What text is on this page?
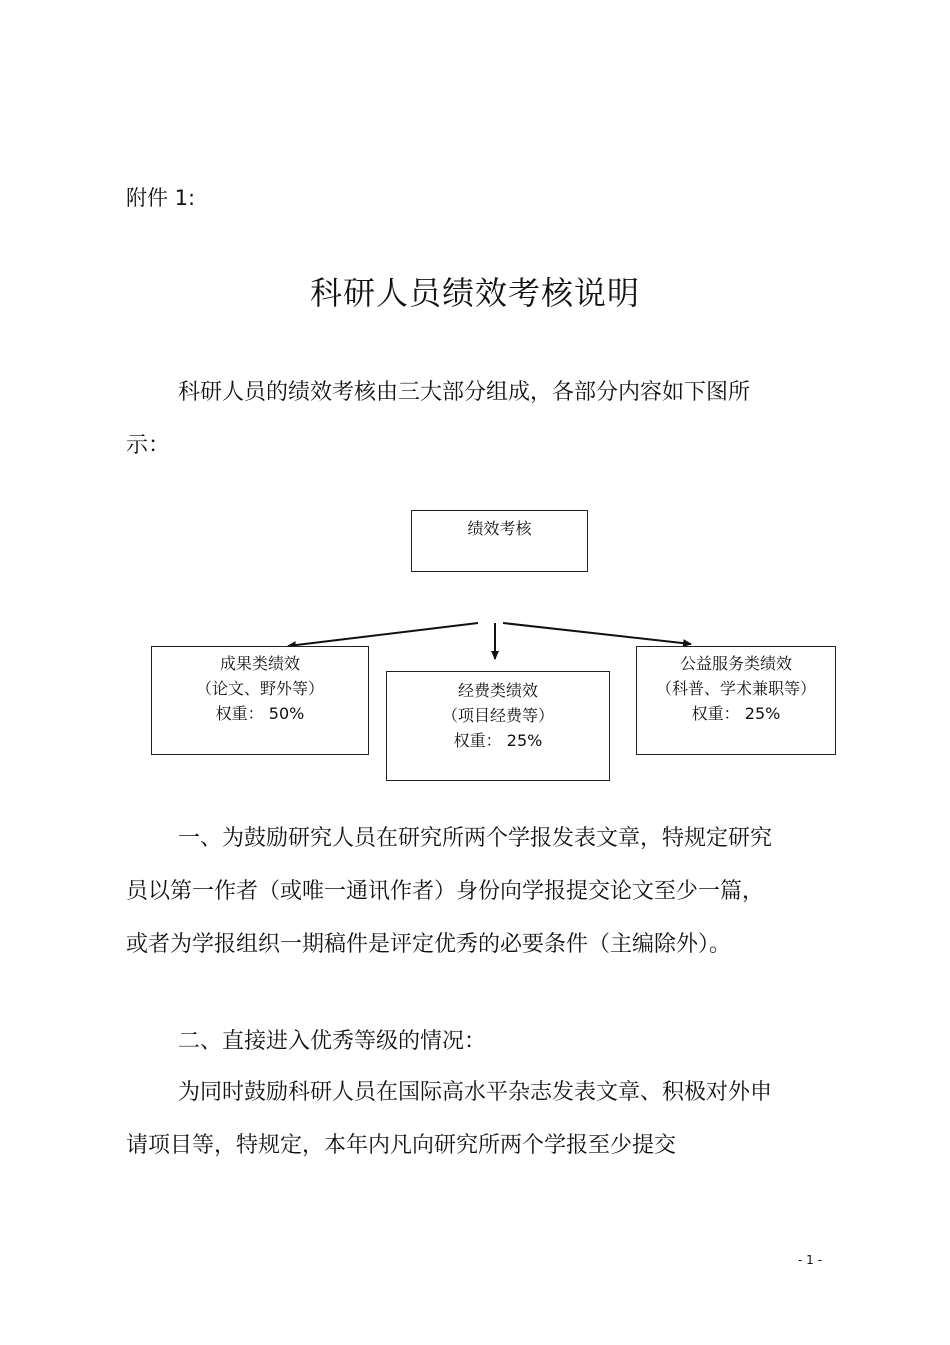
附件 1:
科研人员绩效考核说明
科研人员的绩效考核由三大部分组成，各部分内容如下图所示：
绩效考核
成果类绩效
（论文、野外等）
权重： 50%
经费类绩效
（项目经费等）
权重： 25%
公益服务类绩效
（科普、学术兼职等）
权重： 25%
一、为鼓励研究人员在研究所两个学报发表文章，特规定研究员以第一作者（或唯一通讯作者）身份向学报提交论文至少一篇，或者为学报组织一期稿件是评定优秀的必要条件（主编除外）。
二、直接进入优秀等级的情况：
为同时鼓励科研人员在国际高水平杂志发表文章、积极对外申请项目等，特规定，本年内凡向研究所两个学报至少提交
- 1 -
